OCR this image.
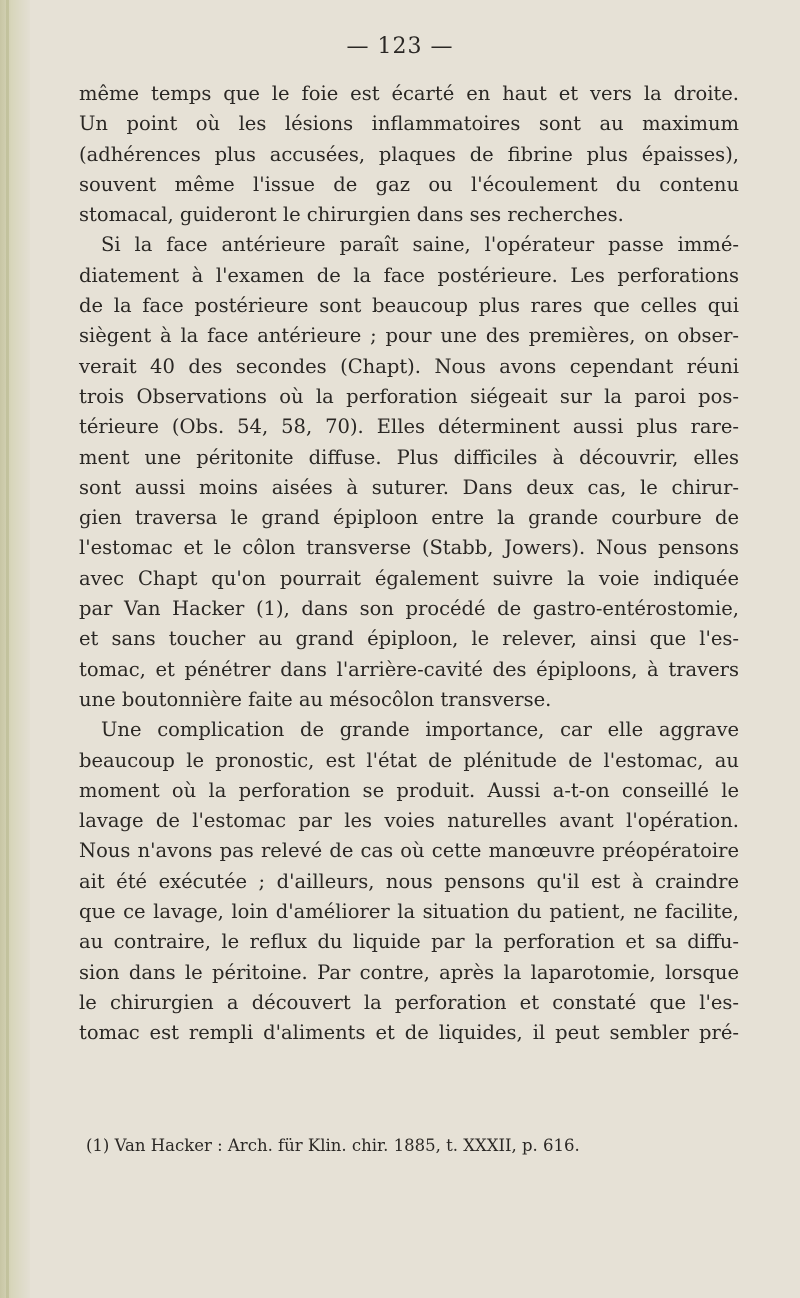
— 123 —
même temps que le foie est écarté en haut et vers la droite.
Un point où les lésions inflammatoires sont au maximum
(adhérences plus accusées, plaques de fibrine plus épaisses),
souvent même l'issue de gaz ou l'écoulement du contenu
stomacal, guideront le chirurgien dans ses recherches.
Si la face antérieure paraît saine, l'opérateur passe immé-
diatement à l'examen de la face postérieure. Les perforations
de la face postérieure sont beaucoup plus rares que celles qui
siègent à la face antérieure ; pour une des premières, on obser-
verait 40 des secondes (Chapt). Nous avons cependant réuni
trois Observations où la perforation siégeait sur la paroi pos-
térieure (Obs. 54, 58, 70). Elles déterminent aussi plus rare-
ment une péritonite diffuse. Plus difficiles à découvrir, elles
sont aussi moins aisées à suturer. Dans deux cas, le chirur-
gien traversa le grand épiploon entre la grande courbure de
l'estomac et le côlon transverse (Stabb, Jowers). Nous pensons
avec Chapt qu'on pourrait également suivre la voie indiquée
par Van Hacker (1), dans son procédé de gastro-entérostomie,
et sans toucher au grand épiploon, le relever, ainsi que l'es-
tomac, et pénétrer dans l'arrière-cavité des épiploons, à travers
une boutonnière faite au mésocôlon transverse.
Une complication de grande importance, car elle aggrave
beaucoup le pronostic, est l'état de plénitude de l'estomac, au
moment où la perforation se produit. Aussi a-t-on conseillé le
lavage de l'estomac par les voies naturelles avant l'opération.
Nous n'avons pas relevé de cas où cette manœuvre préopératoire
ait été exécutée ; d'ailleurs, nous pensons qu'il est à craindre
que ce lavage, loin d'améliorer la situation du patient, ne facilite,
au contraire, le reflux du liquide par la perforation et sa diffu-
sion dans le péritoine. Par contre, après la laparotomie, lorsque
le chirurgien a découvert la perforation et constaté que l'es-
tomac est rempli d'aliments et de liquides, il peut sembler pré-
(1) Van Hacker : Arch. für Klin. chir. 1885, t. XXXII, p. 616.
